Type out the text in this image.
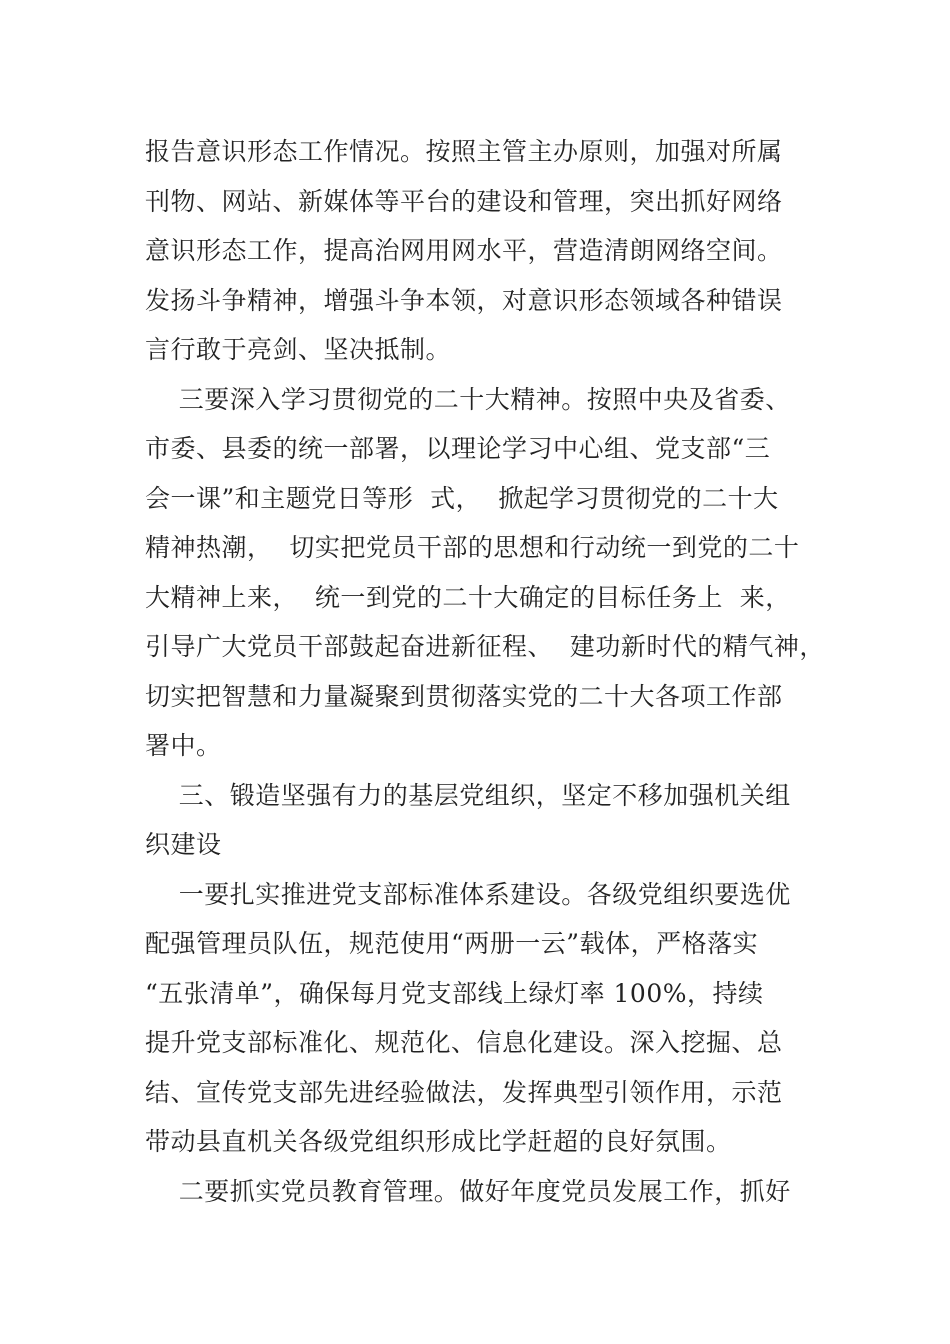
报告意识形态工作情况。按照主管主办原则，加强对所属
刊物、网站、新媒体等平台的建设和管理，突出抓好网络
意识形态工作，提高治网用网水平，营造清朗网络空间。
发扬斗争精神，增强斗争本领，对意识形态领域各种错误
言行敢于亮剑、坚决抵制。
三要深入学习贯彻党的二十大精神。按照中央及省委、
市委、县委的统一部署，以理论学习中心组、党支部“三
会一课”和主题党日等形  式，  掀起学习贯彻党的二十大
精神热潮，  切实把党员干部的思想和行动统一到党的二十
大精神上来，  统一到党的二十大确定的目标任务上  来，
引导广大党员干部鼓起奋进新征程、  建功新时代的精气神，
切实把智慧和力量凝聚到贯彻落实党的二十大各项工作部
署中。
三、锻造坚强有力的基层党组织，坚定不移加强机关组
织建设
一要扎实推进党支部标准体系建设。各级党组织要选优
配强管理员队伍，规范使用“两册一云”载体，严格落实
“五张清单”，确保每月党支部线上绿灯率 100%，持续
提升党支部标准化、规范化、信息化建设。深入挖掘、总
结、宣传党支部先进经验做法，发挥典型引领作用，示范
带动县直机关各级党组织形成比学赶超的良好氛围。
二要抓实党员教育管理。做好年度党员发展工作，抓好
